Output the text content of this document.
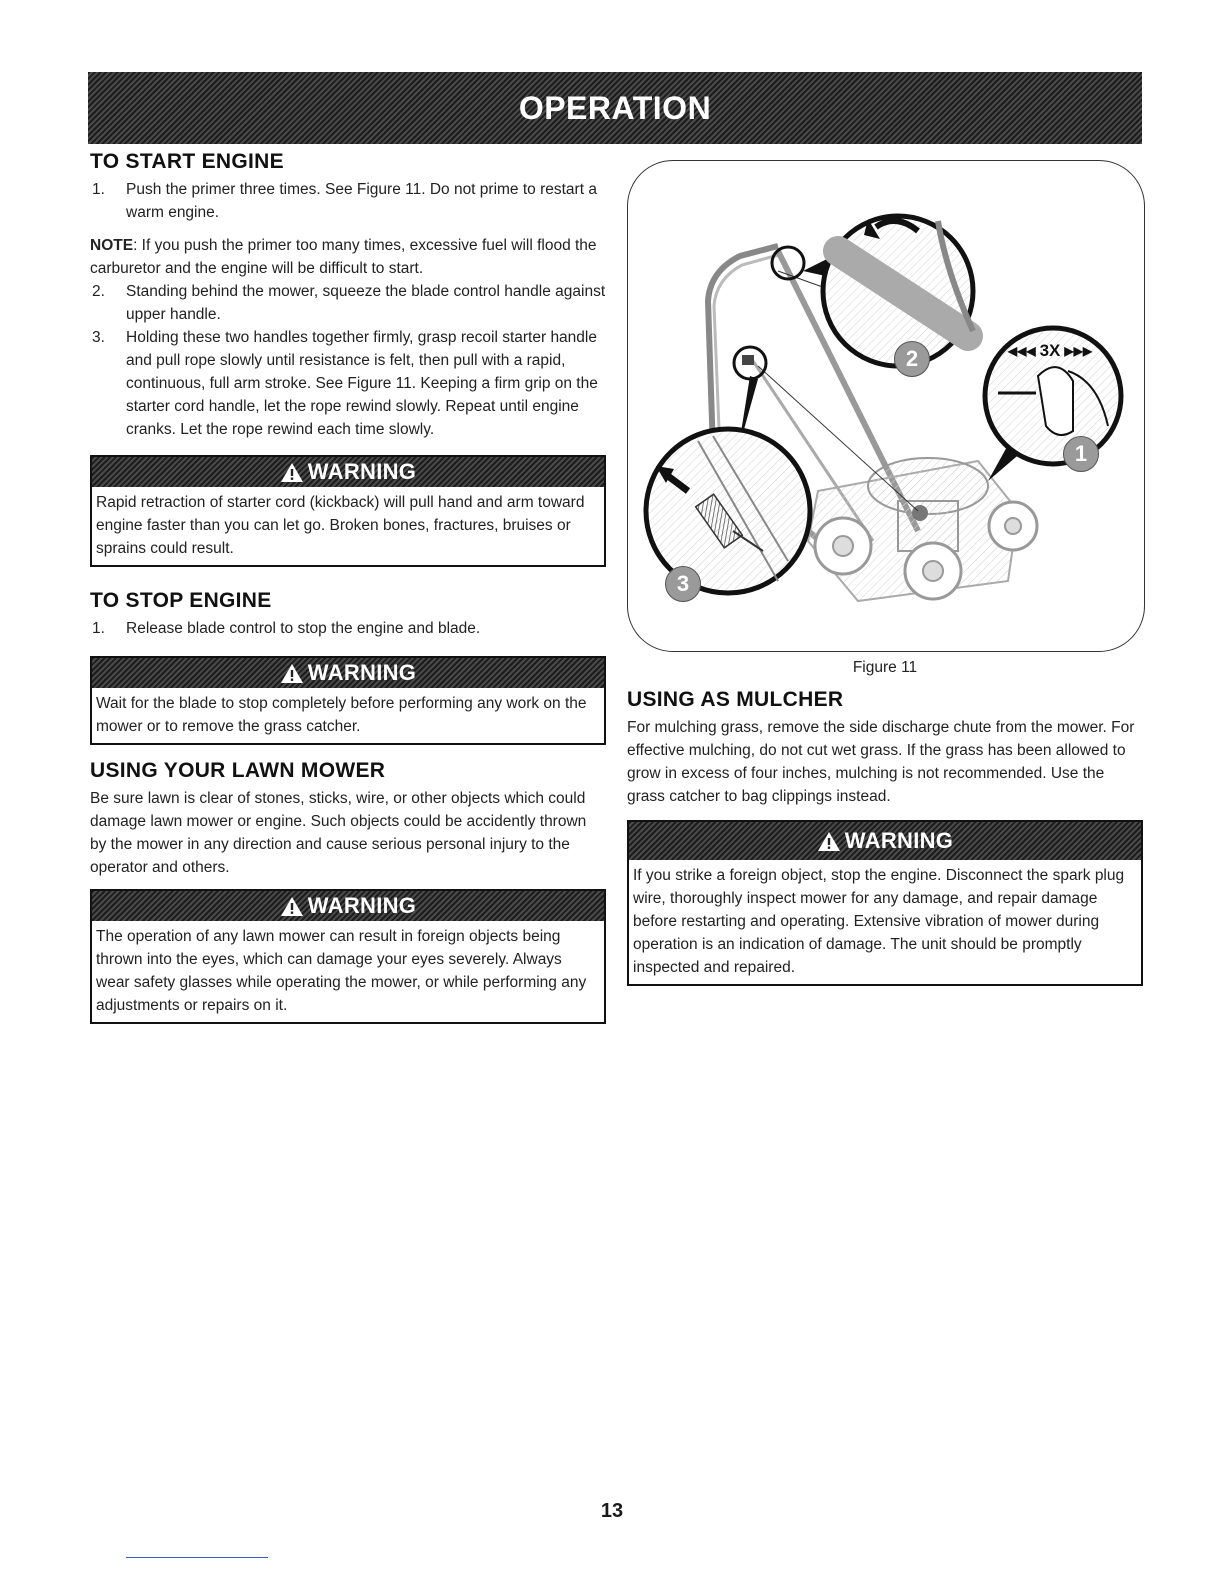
OPERATION
TO START ENGINE
1.	Push the primer three times. See Figure 11. Do not prime to restart a warm engine.

NOTE: If you push the primer too many times, excessive fuel will flood the carburetor and the engine will be difficult to start.

2.	Standing behind the mower, squeeze the blade control handle against upper handle.
3.	Holding these two handles together firmly, grasp recoil starter handle and pull rope slowly until resistance is felt, then pull with a rapid, continuous, full arm stroke. See Figure 11. Keeping a firm grip on the starter cord handle, let the rope rewind slowly. Repeat until engine cranks. Let the rope rewind each time slowly.
WARNING
Rapid retraction of starter cord (kickback) will pull hand and arm toward engine faster than you can let go. Broken bones, fractures, bruises or sprains could result.
TO STOP ENGINE
1.	Release blade control to stop the engine and blade.
WARNING
Wait for the blade to stop completely before performing any work on the mower or to remove the grass catcher.
USING YOUR LAWN MOWER

Be sure lawn is clear of stones, sticks, wire, or other objects which could damage lawn mower or engine. Such objects could be accidently thrown by the mower in any direction and cause serious personal injury to the operator and others.

WARNING
The operation of any lawn mower can result in foreign objects being thrown into the eyes, which can damage your eyes severely. Always wear safety glasses while operating the mower, or while performing any adjustments or repairs on it.
2
1
3
◀◀◀ 3X ▶▶▶
Figure 11
USING AS MULCHER

For mulching grass, remove the side discharge chute from the mower. For effective mulching, do not cut wet grass. If the grass has been allowed to grow in excess of four inches, mulching is not recommended. Use the grass catcher to bag clippings instead.

WARNING
If you strike a foreign object, stop the engine. Disconnect the spark plug wire, thoroughly inspect mower for any damage, and repair damage before restarting and operating. Extensive vibration of mower during operation is an indication of damage. The unit should be promptly inspected and repaired.
13
